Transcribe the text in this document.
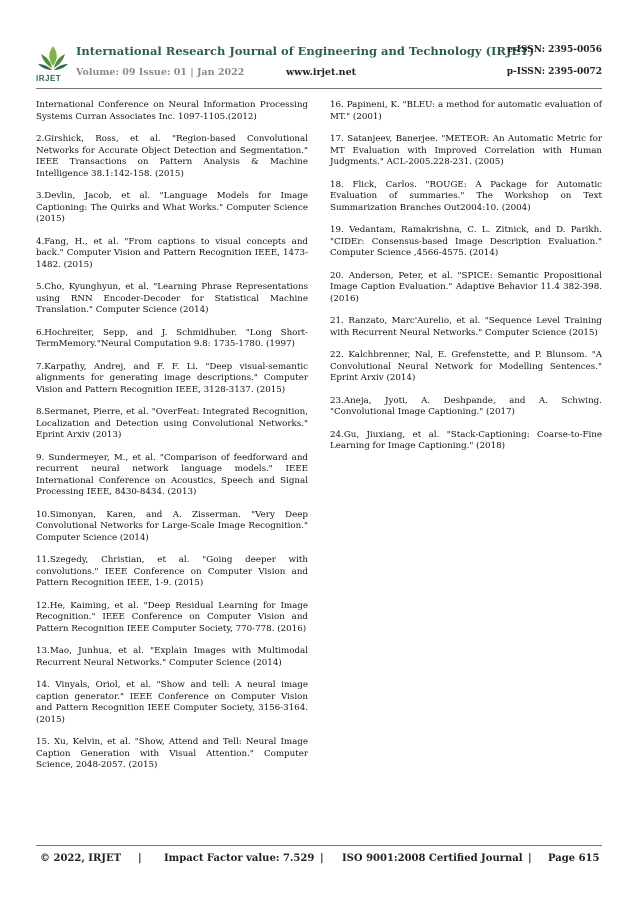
IRJET
International Research Journal of Engineering and Technology (IRJET)
e-ISSN: 2395-0056
Volume: 09 Issue: 01 | Jan 2022	www.irjet.net	p-ISSN: 2395-0072

International Conference on Neural Information Processing Systems Curran Associates Inc. 1097-1105.(2012)

2.Girshick, Ross, et al. "Region-based Convolutional Networks for Accurate Object Detection and Segmentation." IEEE Transactions on Pattern Analysis & Machine Intelligence 38.1:142-158. (2015)

3.Devlin, Jacob, et al. "Language Models for Image Captioning: The Quirks and What Works." Computer Science (2015)

4.Fang, H., et al. "From captions to visual concepts and back." Computer Vision and Pattern Recognition IEEE, 1473-1482. (2015)

5.Cho, Kyunghyun, et al. "Learning Phrase Representations using RNN Encoder-Decoder for Statistical Machine Translation." Computer Science (2014)

6.Hochreiter, Sepp, and J. Schmidhuber. "Long Short-TermMemory."Neural Computation 9.8: 1735-1780. (1997)

7.Karpathy, Andrej, and F. F. Li. "Deep visual-semantic alignments for generating image descriptions." Computer Vision and Pattern Recognition IEEE, 3128-3137. (2015)

8.Sermanet, Pierre, et al. "OverFeat: Integrated Recognition, Localization and Detection using Convolutional Networks." Eprint Arxiv (2013)

9. Sundermeyer, M., et al. "Comparison of feedforward and recurrent neural network language models." IEEE International Conference on Acoustics, Speech and Signal Processing IEEE, 8430-8434. (2013)

10.Simonyan, Karen, and A. Zisserman. "Very Deep Convolutional Networks for Large-Scale Image Recognition." Computer Science (2014)

11.Szegedy, Christian, et al. "Going deeper with convolutions." IEEE Conference on Computer Vision and Pattern Recognition IEEE, 1-9. (2015)

12.He, Kaiming, et al. "Deep Residual Learning for Image Recognition." IEEE Conference on Computer Vision and Pattern Recognition IEEE Computer Society, 770-778. (2016)

13.Mao, Junhua, et al. "Explain Images with Multimodal Recurrent Neural Networks." Computer Science (2014)

14. Vinyals, Oriol, et al. "Show and tell: A neural image caption generator." IEEE Conference on Computer Vision and Pattern Recognition IEEE Computer Society, 3156-3164. (2015)

15. Xu, Kelvin, et al. "Show, Attend and Tell: Neural Image Caption Generation with Visual Attention." Computer Science, 2048-2057. (2015)

16. Papineni, K. "BLEU: a method for automatic evaluation of MT." (2001)

17. Satanjeev, Banerjee. "METEOR: An Automatic Metric for MT Evaluation with Improved Correlation with Human Judgments." ACL-2005.228-231. (2005)

18. Flick, Carlos. "ROUGE: A Package for Automatic Evaluation of summaries." The Workshop on Text Summarization Branches Out2004:10. (2004)

19. Vedantam, Ramakrishna, C. L. Zitnick, and D. Parikh. "CIDEr: Consensus-based Image Description Evaluation." Computer Science ,4566-4575. (2014)

20. Anderson, Peter, et al. "SPICE: Semantic Propositional Image Caption Evaluation." Adaptive Behavior 11.4 382-398. (2016)

21. Ranzato, Marc'Aurelio, et al. "Sequence Level Training with Recurrent Neural Networks." Computer Science (2015)

22. Kalchbrenner, Nal, E. Grefenstette, and P. Blunsom. "A Convolutional Neural Network for Modelling Sentences." Eprint Arxiv (2014)

23.Aneja, Jyoti, A. Deshpande, and A. Schwing. "Convolutional Image Captioning." (2017)

24.Gu, Jiuxiang, et al. "Stack-Captioning: Coarse-to-Fine Learning for Image Captioning." (2018)

© 2022, IRJET | Impact Factor value: 7.529 | ISO 9001:2008 Certified Journal | Page 615
